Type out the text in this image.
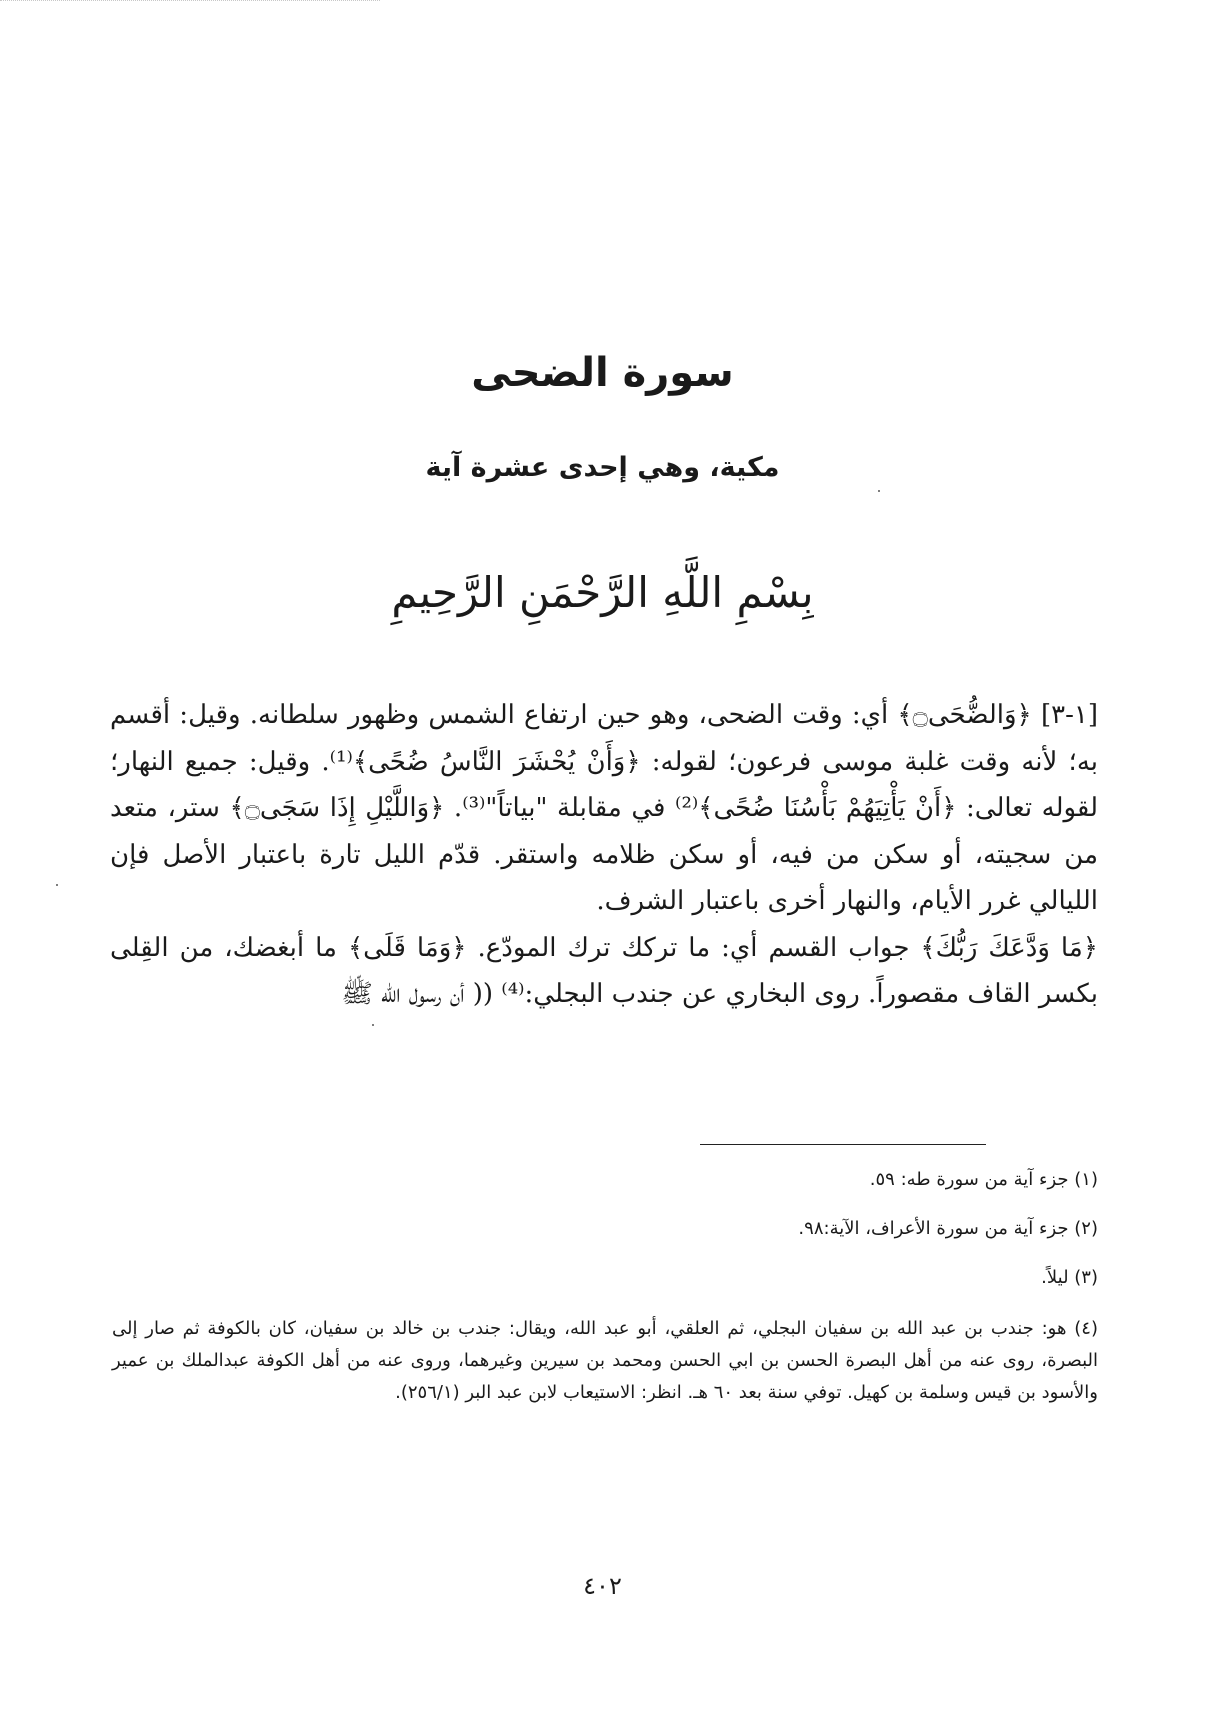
سورة الضحى
مكية، وهي إحدى عشرة آية
بِسْمِ اللَّهِ الرَّحْمَنِ الرَّحِيمِ

[١-٣] ﴿وَالضُّحَى۝﴾ أي: وقت الضحى، وهو حين ارتفاع الشمس وظهور سلطانه. وقيل: أقسم به؛ لأنه وقت غلبة موسى فرعون؛ لقوله: ﴿وَأَنْ يُحْشَرَ النَّاسُ ضُحًى﴾⁽¹⁾. وقيل: جميع النهار؛ لقوله تعالى: ﴿أَنْ يَأْتِيَهُمْ بَأْسُنَا ضُحًى﴾⁽²⁾ في مقابلة "بياتاً"⁽³⁾. ﴿وَاللَّيْلِ إِذَا سَجَى۝﴾ ستر، متعد من سجيته، أو سكن من فيه، أو سكن ظلامه واستقر. قدّم الليل تارة باعتبار الأصل فإن الليالي غرر الأيام، والنهار أخرى باعتبار الشرف.

﴿مَا وَدَّعَكَ رَبُّكَ﴾ جواب القسم أي: ما تركك ترك المودّع. ﴿وَمَا قَلَى﴾ ما أبغضك، من القِلى بكسر القاف مقصوراً. روى البخاري عن جندب البجلي:⁽⁴⁾ (( أن رسول الله ﷺ

(١) جزء آية من سورة طه: ٥٩.

(٢) جزء آية من سورة الأعراف، الآية:٩٨.

(٣) ليلاً.

(٤) هو: جندب بن عبد الله بن سفيان البجلي، ثم العلقي، أبو عبد الله، ويقال: جندب بن خالد بن سفيان، كان بالكوفة ثم صار إلى البصرة، روى عنه من أهل البصرة الحسن بن ابي الحسن ومحمد بن سيرين وغيرهما، وروى عنه من أهل الكوفة عبدالملك بن عمير والأسود بن قيس وسلمة بن كهيل. توفي سنة بعد ٦٠ هـ. انظر: الاستيعاب لابن عبد البر (٢٥٦/١).

٤٠٢
